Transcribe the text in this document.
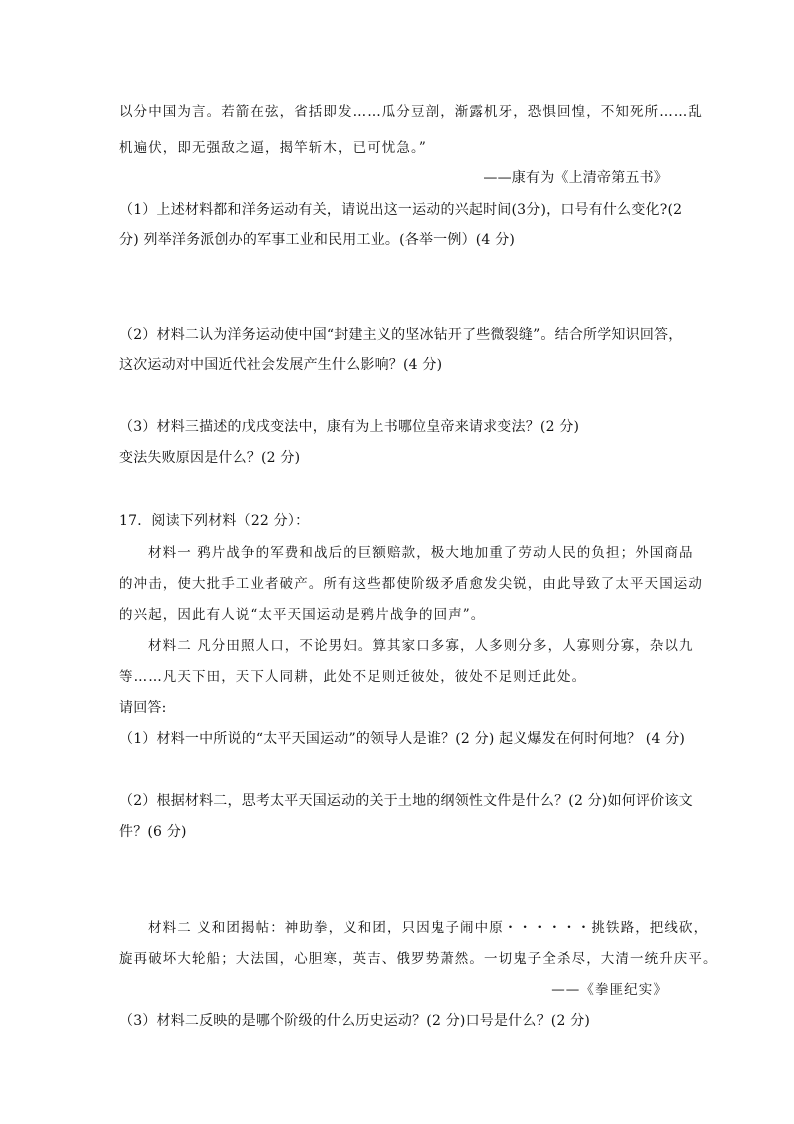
以分中国为言。若箭在弦，省括即发……瓜分豆剖，渐露机牙，恐惧回惶，不知死所……乱
机遍伏，即无强敌之逼，揭竿斩木，已可忧急。”
——康有为《上清帝第五书》
（1）上述材料都和洋务运动有关，请说出这一运动的兴起时间(3分)，口号有什么变化?(2
分) 列举洋务派创办的军事工业和民用工业。(各举一例）(4 分)
（2）材料二认为洋务运动使中国“封建主义的坚冰钻开了些微裂缝”。结合所学知识回答，
这次运动对中国近代社会发展产生什么影响？(4 分)
（3）材料三描述的戊戌变法中，康有为上书哪位皇帝来请求变法？(2 分)
变法失败原因是什么？(2 分)
17．阅读下列材料（22 分）：
材料一 鸦片战争的军费和战后的巨额赔款，极大地加重了劳动人民的负担；外国商品
的冲击，使大批手工业者破产。所有这些都使阶级矛盾愈发尖锐，由此导致了太平天国运动
的兴起，因此有人说“太平天国运动是鸦片战争的回声”。
材料二 凡分田照人口，不论男妇。算其家口多寡，人多则分多，人寡则分寡，杂以九
等……凡天下田，天下人同耕，此处不足则迁彼处，彼处不足则迁此处。
请回答:
（1）材料一中所说的“太平天国运动”的领导人是谁？(2 分) 起义爆发在何时何地？ (4 分)
（2）根据材料二，思考太平天国运动的关于土地的纲领性文件是什么？(2 分)如何评价该文
件？(6 分)
材料二 义和团揭帖：神助拳，义和团，只因鬼子闹中原・・・・・・挑铁路，把线砍，
旋再破坏大轮船；大法国，心胆寒，英吉、俄罗势萧然。一切鬼子全杀尽，大清一统升庆平。
——《拳匪纪实》
（3）材料二反映的是哪个阶级的什么历史运动？(2 分)口号是什么？(2 分)
